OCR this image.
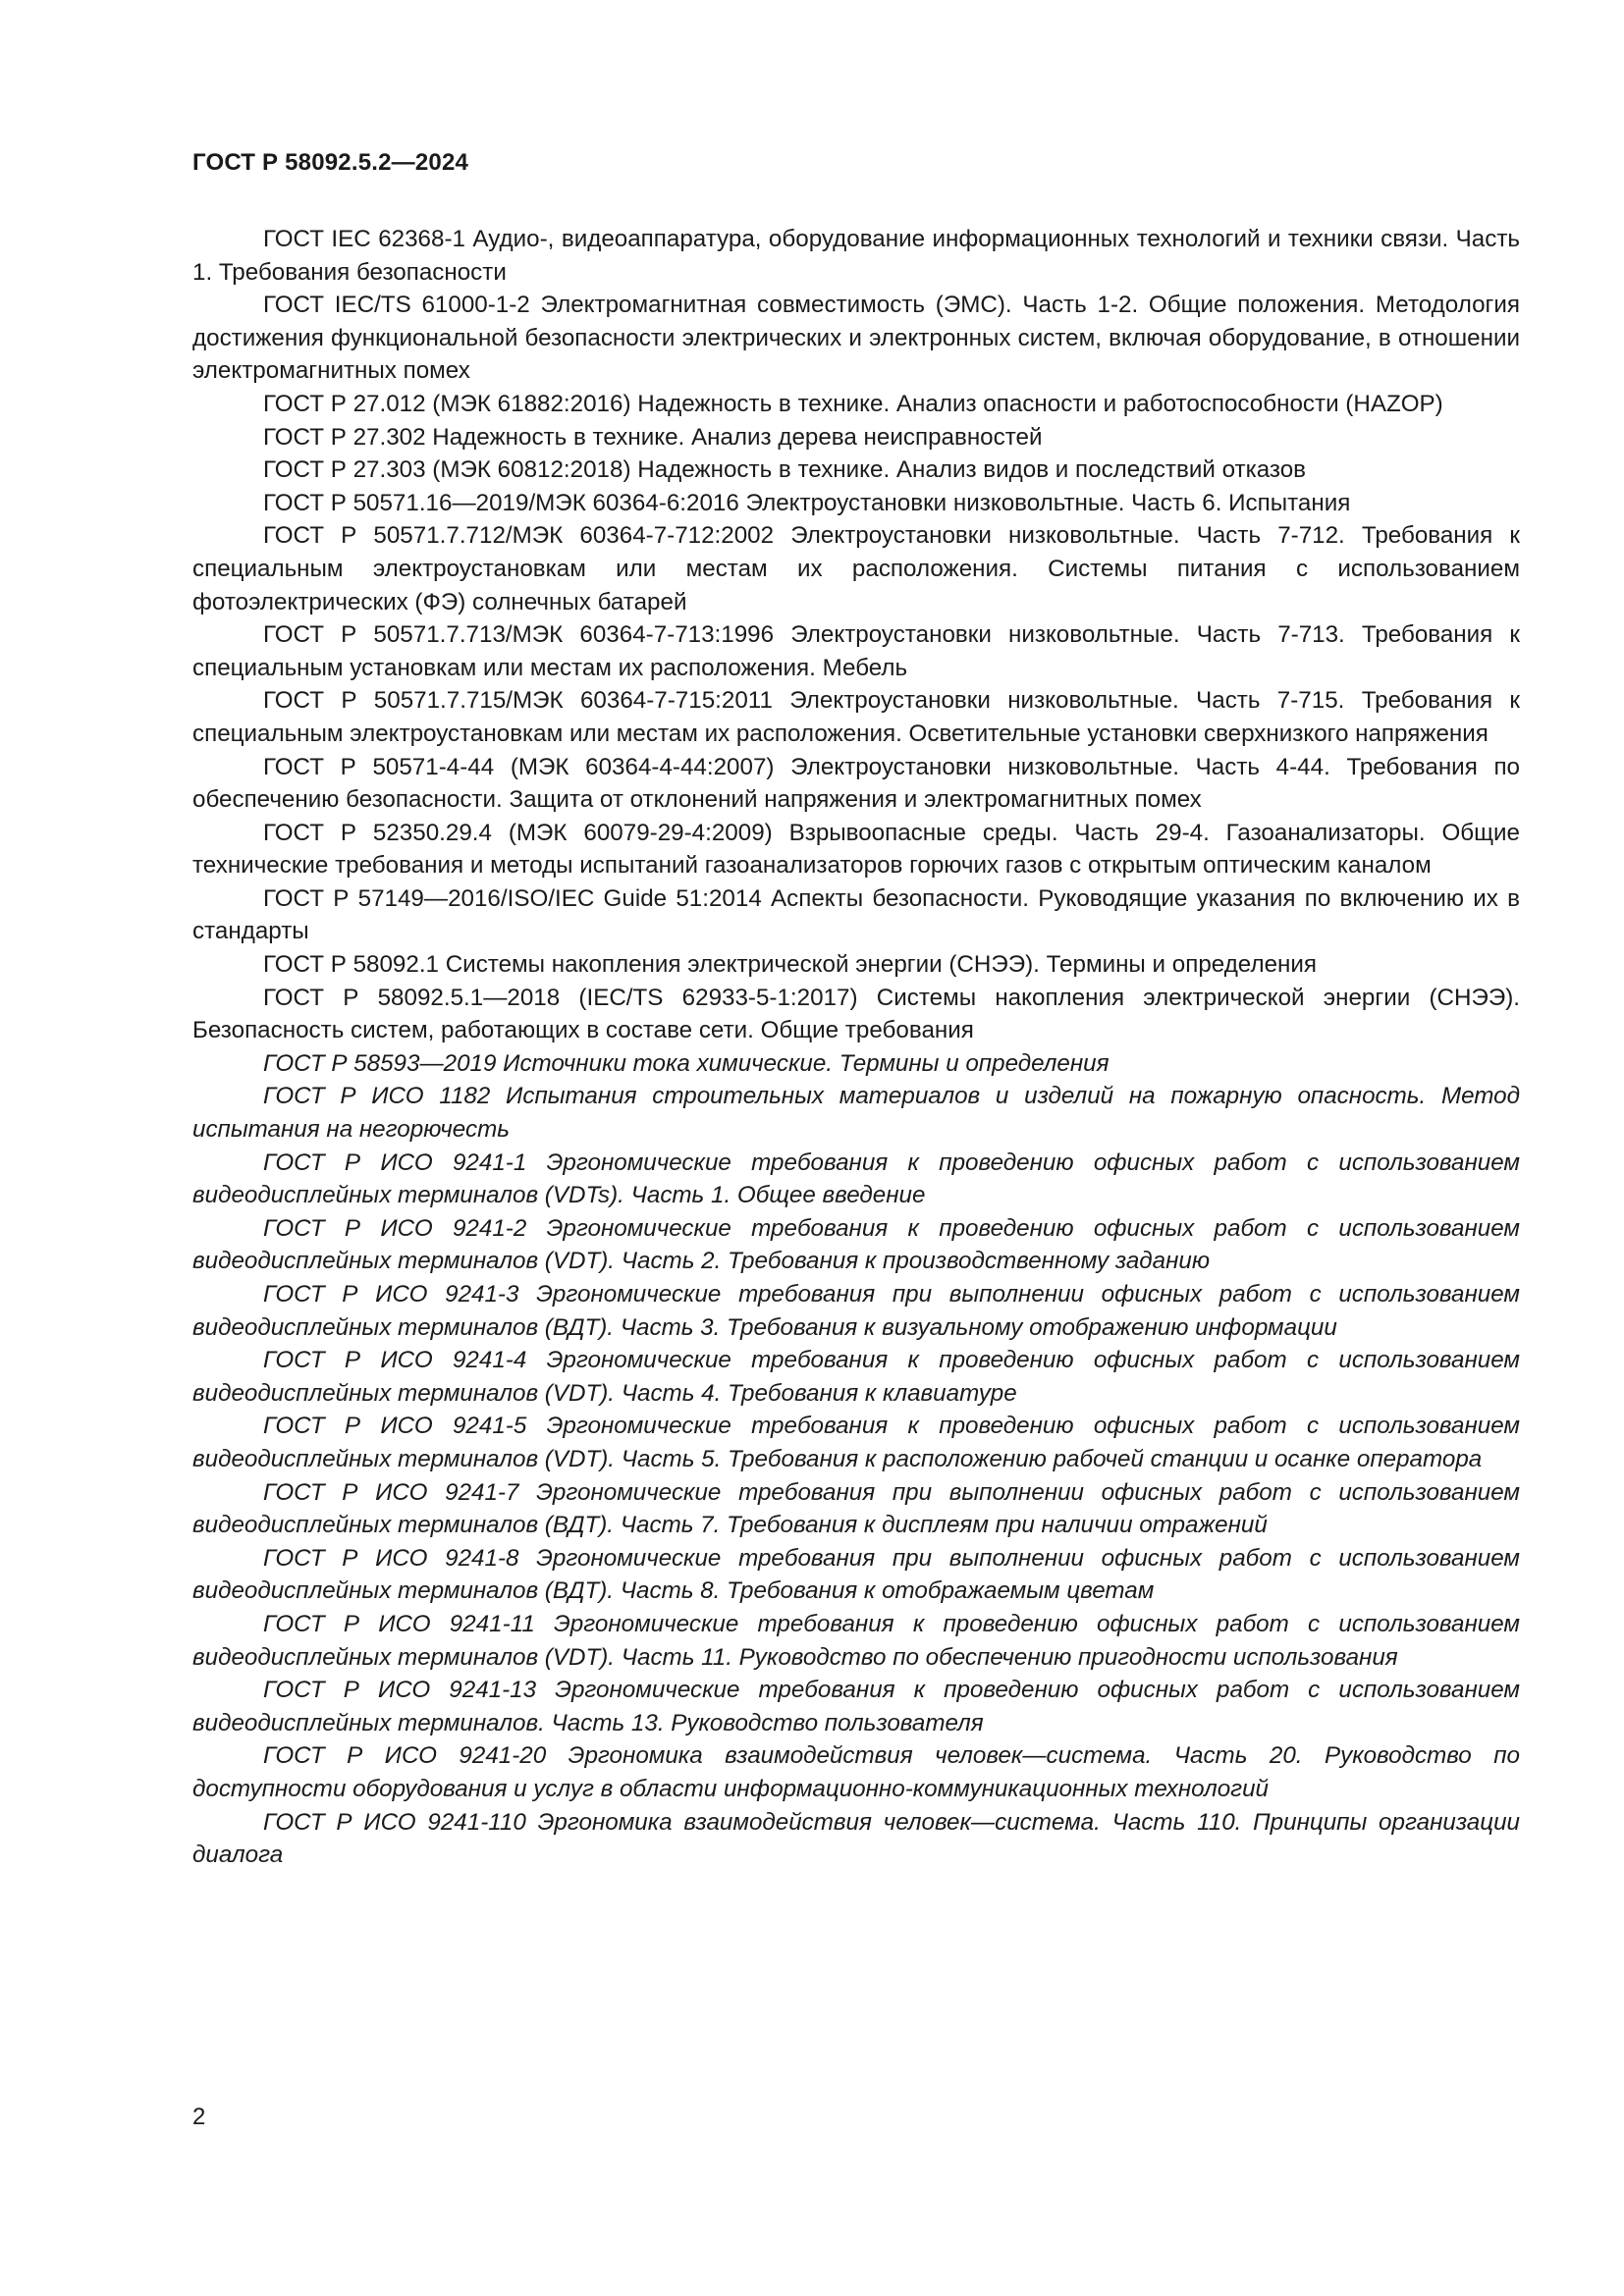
ГОСТ Р 58092.5.2—2024
ГОСТ IEC 62368-1 Аудио-, видеоаппаратура, оборудование информационных технологий и техники связи. Часть 1. Требования безопасности
ГОСТ IEC/TS 61000-1-2 Электромагнитная совместимость (ЭМС). Часть 1-2. Общие положения. Методология достижения функциональной безопасности электрических и электронных систем, включая оборудование, в отношении электромагнитных помех
ГОСТ Р 27.012 (МЭК 61882:2016) Надежность в технике. Анализ опасности и работоспособности (HAZOP)
ГОСТ Р 27.302 Надежность в технике. Анализ дерева неисправностей
ГОСТ Р 27.303 (МЭК 60812:2018) Надежность в технике. Анализ видов и последствий отказов
ГОСТ Р 50571.16—2019/МЭК 60364-6:2016 Электроустановки низковольтные. Часть 6. Испытания
ГОСТ Р 50571.7.712/МЭК 60364-7-712:2002 Электроустановки низковольтные. Часть 7-712. Требования к специальным электроустановкам или местам их расположения. Системы питания с использованием фотоэлектрических (ФЭ) солнечных батарей
ГОСТ Р 50571.7.713/МЭК 60364-7-713:1996 Электроустановки низковольтные. Часть 7-713. Требования к специальным установкам или местам их расположения. Мебель
ГОСТ Р 50571.7.715/МЭК 60364-7-715:2011 Электроустановки низковольтные. Часть 7-715. Требования к специальным электроустановкам или местам их расположения. Осветительные установки сверхнизкого напряжения
ГОСТ Р 50571-4-44 (МЭК 60364-4-44:2007) Электроустановки низковольтные. Часть 4-44. Требования по обеспечению безопасности. Защита от отклонений напряжения и электромагнитных помех
ГОСТ Р 52350.29.4 (МЭК 60079-29-4:2009) Взрывоопасные среды. Часть 29-4. Газоанализаторы. Общие технические требования и методы испытаний газоанализаторов горючих газов с открытым оптическим каналом
ГОСТ Р 57149—2016/ISO/IEC Guide 51:2014 Аспекты безопасности. Руководящие указания по включению их в стандарты
ГОСТ Р 58092.1 Системы накопления электрической энергии (СНЭЭ). Термины и определения
ГОСТ Р 58092.5.1—2018 (IEC/TS 62933-5-1:2017) Системы накопления электрической энергии (СНЭЭ). Безопасность систем, работающих в составе сети. Общие требования
ГОСТ Р 58593—2019 Источники тока химические. Термины и определения
ГОСТ Р ИСО 1182 Испытания строительных материалов и изделий на пожарную опасность. Метод испытания на негорючесть
ГОСТ Р ИСО 9241-1 Эргономические требования к проведению офисных работ с использованием видеодисплейных терминалов (VDTs). Часть 1. Общее введение
ГОСТ Р ИСО 9241-2 Эргономические требования к проведению офисных работ с использованием видеодисплейных терминалов (VDT). Часть 2. Требования к производственному заданию
ГОСТ Р ИСО 9241-3 Эргономические требования при выполнении офисных работ с использованием видеодисплейных терминалов (ВДТ). Часть 3. Требования к визуальному отображению информации
ГОСТ Р ИСО 9241-4 Эргономические требования к проведению офисных работ с использованием видеодисплейных терминалов (VDT). Часть 4. Требования к клавиатуре
ГОСТ Р ИСО 9241-5 Эргономические требования к проведению офисных работ с использованием видеодисплейных терминалов (VDT). Часть 5. Требования к расположению рабочей станции и осанке оператора
ГОСТ Р ИСО 9241-7 Эргономические требования при выполнении офисных работ с использованием видеодисплейных терминалов (ВДТ). Часть 7. Требования к дисплеям при наличии отражений
ГОСТ Р ИСО 9241-8 Эргономические требования при выполнении офисных работ с использованием видеодисплейных терминалов (ВДТ). Часть 8. Требования к отображаемым цветам
ГОСТ Р ИСО 9241-11 Эргономические требования к проведению офисных работ с использованием видеодисплейных терминалов (VDT). Часть 11. Руководство по обеспечению пригодности использования
ГОСТ Р ИСО 9241-13 Эргономические требования к проведению офисных работ с использованием видеодисплейных терминалов. Часть 13. Руководство пользователя
ГОСТ Р ИСО 9241-20 Эргономика взаимодействия человек—система. Часть 20. Руководство по доступности оборудования и услуг в области информационно-коммуникационных технологий
ГОСТ Р ИСО 9241-110 Эргономика взаимодействия человек—система. Часть 110. Принципы организации диалога
2
